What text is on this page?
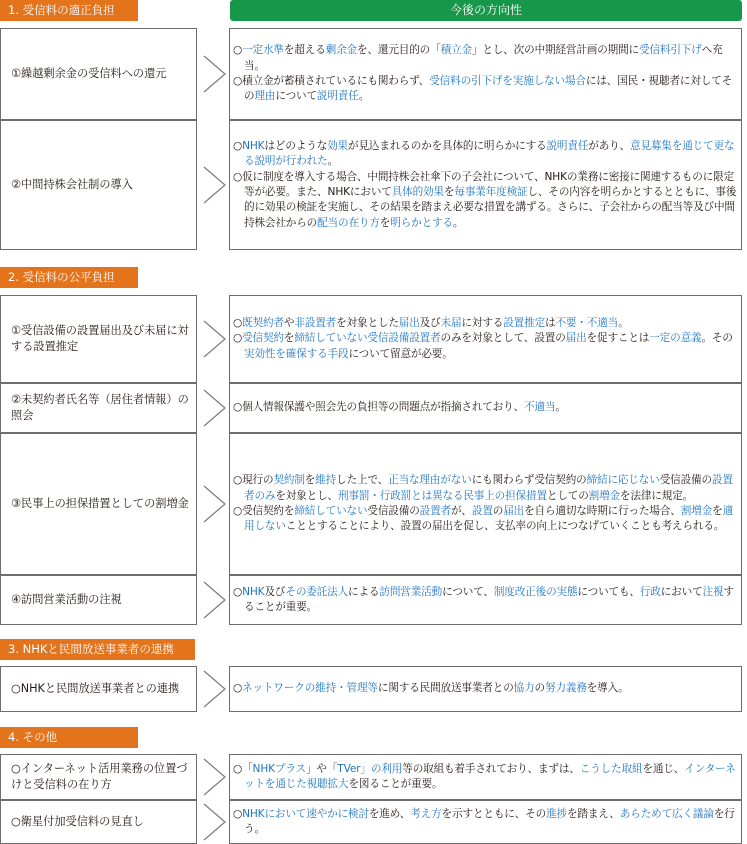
1. 受信料の適正負担	今後の方向性
2. 受信料の公平負担
3. NHKと民間放送事業者の連携
4. その他
①繰越剰余金の受信料への還元

○一定水準を超える剰余金を、還元目的の「積立金」とし、次の中期経営計画の期間に受信料引下げへ充当。

○積立金が蓄積されているにも関わらず、受信料の引下げを実施しない場合には、国民・視聴者に対してその理由について説明責任。

②中間持株会社制の導入

○NHKはどのような効果が見込まれるのかを具体的に明らかにする説明責任があり、意見募集を通じて更なる説明が行われた。

○仮に制度を導入する場合、中間持株会社傘下の子会社について、NHKの業務に密接に関連するものに限定等が必要。また、NHKにおいて具体的効果を毎事業年度検証し、その内容を明らかとするとともに、事後的に効果の検証を実施し、その結果を踏まえ必要な措置を講ずる。さらに、子会社からの配当等及び中間持株会社からの配当の在り方を明らかとする。

①受信設備の設置届出及び未届に対する設置推定

○既契約者や非設置者を対象とした届出及び未届に対する設置推定は不要・不適当。

○受信契約を締結していない受信設備設置者のみを対象として、設置の届出を促すことは一定の意義。その実効性を確保する手段について留意が必要。

②未契約者氏名等（居住者情報）の照会

○個人情報保護や照会先の負担等の問題点が指摘されており、不適当。

③民事上の担保措置としての割増金

○現行の契約制を維持した上で、正当な理由がないにも関わらず受信契約の締結に応じない受信設備の設置者のみを対象とし、刑事罰・行政罰とは異なる民事上の担保措置としての割増金を法律に規定。

○受信契約を締結していない受信設備の設置者が、設置の届出を自ら適切な時期に行った場合、割増金を適用しないこととすることにより、設置の届出を促し、支払率の向上につなげていくことも考えられる。

④訪問営業活動の注視

○NHK及びその委託法人による訪問営業活動について、制度改正後の実態についても、行政において注視することが重要。

○NHKと民間放送事業者との連携	○ネットワークの維持・管理等に関する民間放送事業者との協力の努力義務を導入。

○インターネット活用業務の位置づけと受信料の在り方

○「NHKプラス」や「TVer」の利用等の取組も着手されており、まずは、こうした取組を通じ、インターネットを通じた視聴拡大を図ることが重要。

○衛星付加受信料の見直し

○NHKにおいて速やかに検討を進め、考え方を示すとともに、その進捗を踏まえ、あらためて広く議論を行う。
